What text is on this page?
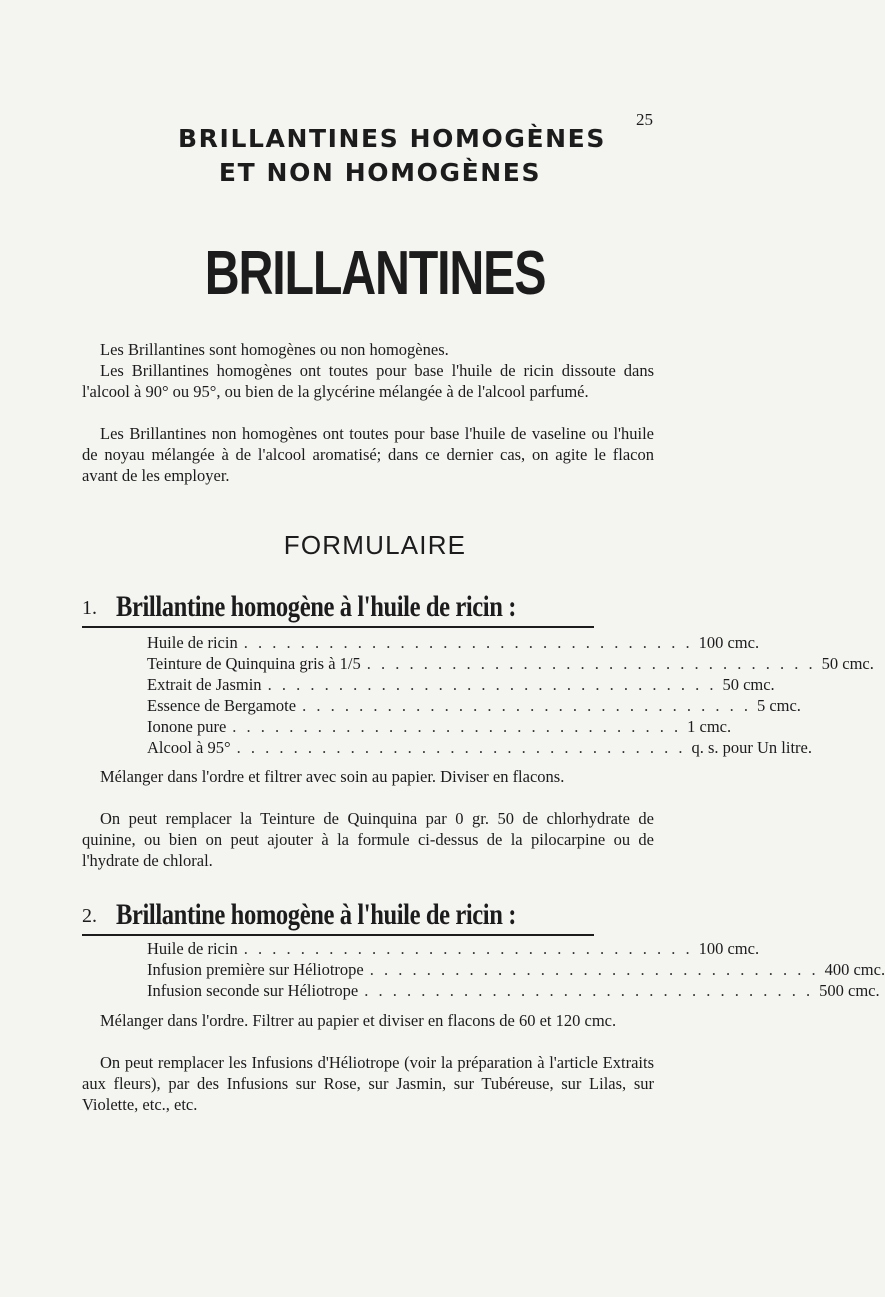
25
BRILLANTINES HOMOGÈNES
ET NON HOMOGÈNES
BRILLANTINES

Les Brillantines sont homogènes ou non homogènes.

Les Brillantines homogènes ont toutes pour base l'huile de ricin dissoute dans l'alcool à 90° ou 95°, ou bien de la glycérine mélangée à de l'alcool parfumé.

Les Brillantines non homogènes ont toutes pour base l'huile de vaseline ou l'huile de noyau mélangée à de l'alcool aromatisé; dans ce dernier cas, on agite le flacon avant de les employer.

FORMULAIRE
1. Brillantine homogène à l'huile de ricin :
Huile de ricin . . . . . . . . . . . . . . . . . . . . . . . . . . . . . . . . 100 cmc.
Teinture de Quinquina gris à 1/5 . . . . . . . . . . . . . . . . . . . . . . . . . . . . . . . . 50 cmc.
Extrait de Jasmin . . . . . . . . . . . . . . . . . . . . . . . . . . . . . . . . 50 cmc.
Essence de Bergamote . . . . . . . . . . . . . . . . . . . . . . . . . . . . . . . . 5 cmc.
Ionone pure . . . . . . . . . . . . . . . . . . . . . . . . . . . . . . . . 1 cmc.
Alcool à 95° . . . . . . . . . . . . . . . . . . . . . . . . . . . . . . . . q. s. pour Un litre.

Mélanger dans l'ordre et filtrer avec soin au papier. Diviser en flacons.

On peut remplacer la Teinture de Quinquina par 0 gr. 50 de chlorhydrate de quinine, ou bien on peut ajouter à la formule ci-dessus de la pilocarpine ou de l'hydrate de chloral.

2. Brillantine homogène à l'huile de ricin :
Huile de ricin . . . . . . . . . . . . . . . . . . . . . . . . . . . . . . . . 100 cmc.
Infusion première sur Héliotrope . . . . . . . . . . . . . . . . . . . . . . . . . . . . . . . . 400 cmc.
Infusion seconde sur Héliotrope . . . . . . . . . . . . . . . . . . . . . . . . . . . . . . . . 500 cmc.

Mélanger dans l'ordre. Filtrer au papier et diviser en flacons de 60 et 120 cmc.

On peut remplacer les Infusions d'Héliotrope (voir la préparation à l'article Extraits aux fleurs), par des Infusions sur Rose, sur Jasmin, sur Tubéreuse, sur Lilas, sur Violette, etc., etc.
